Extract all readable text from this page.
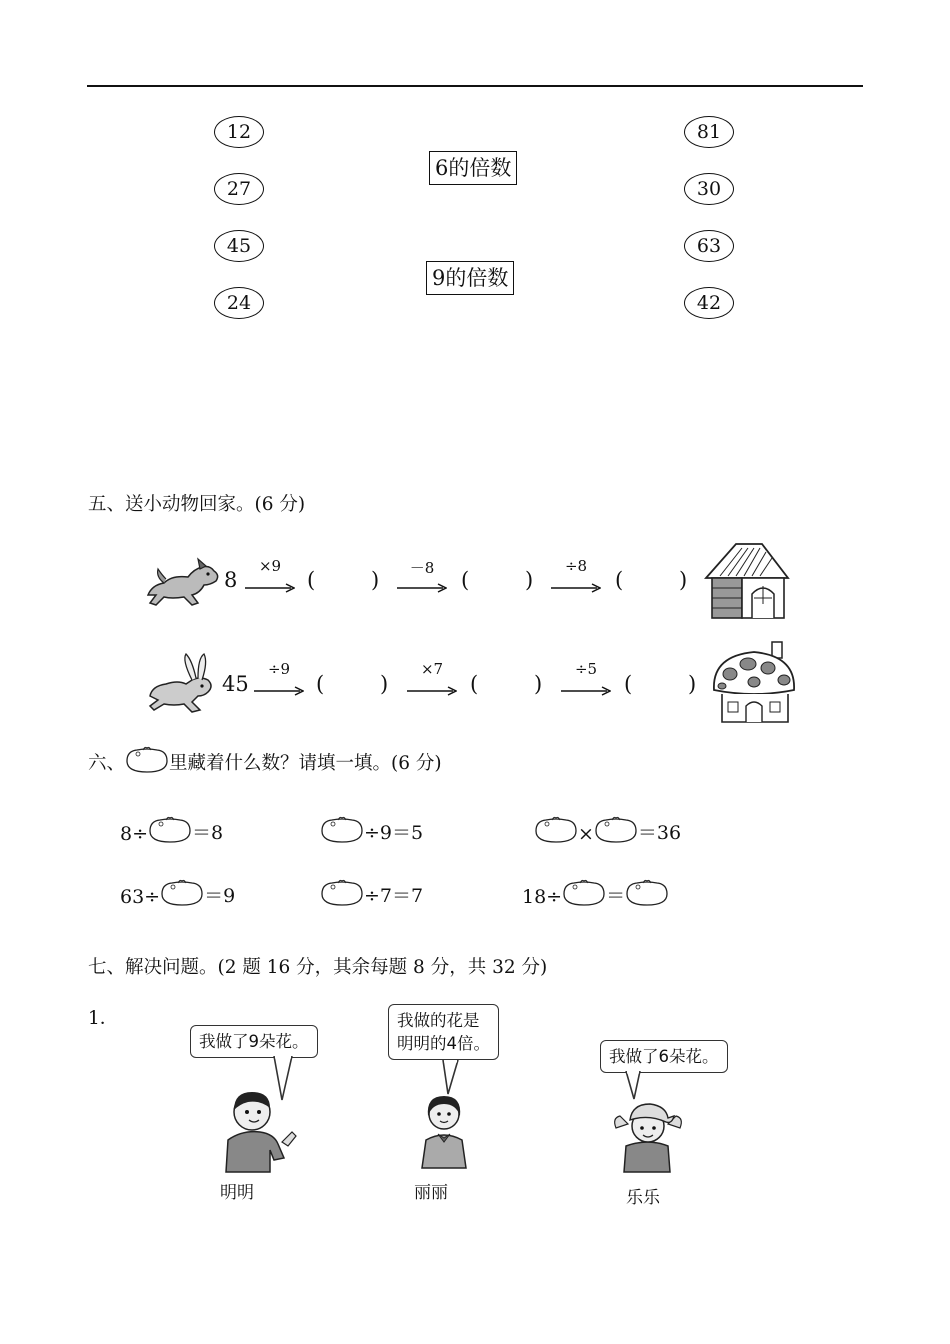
12
27
45
24
81
30
63
42
6的倍数
9的倍数
五、送小动物回家。(6 分)
8
×9
(	)	－8	(	)
÷8
(	)
45
÷9
(	)
×7
(	)
÷5
(	)
六、 里藏着什么数？请填一填。(6 分)
8÷ ＝8	÷9＝5	× ＝36
63÷ ＝9	÷7＝7	18÷ ＝
七、解决问题。(2 题 16 分，其余每题 8 分，共 32 分)
1．
我做了9朵花。
我做的花是
明明的4倍。
我做了6朵花。
明明	丽丽	乐乐
